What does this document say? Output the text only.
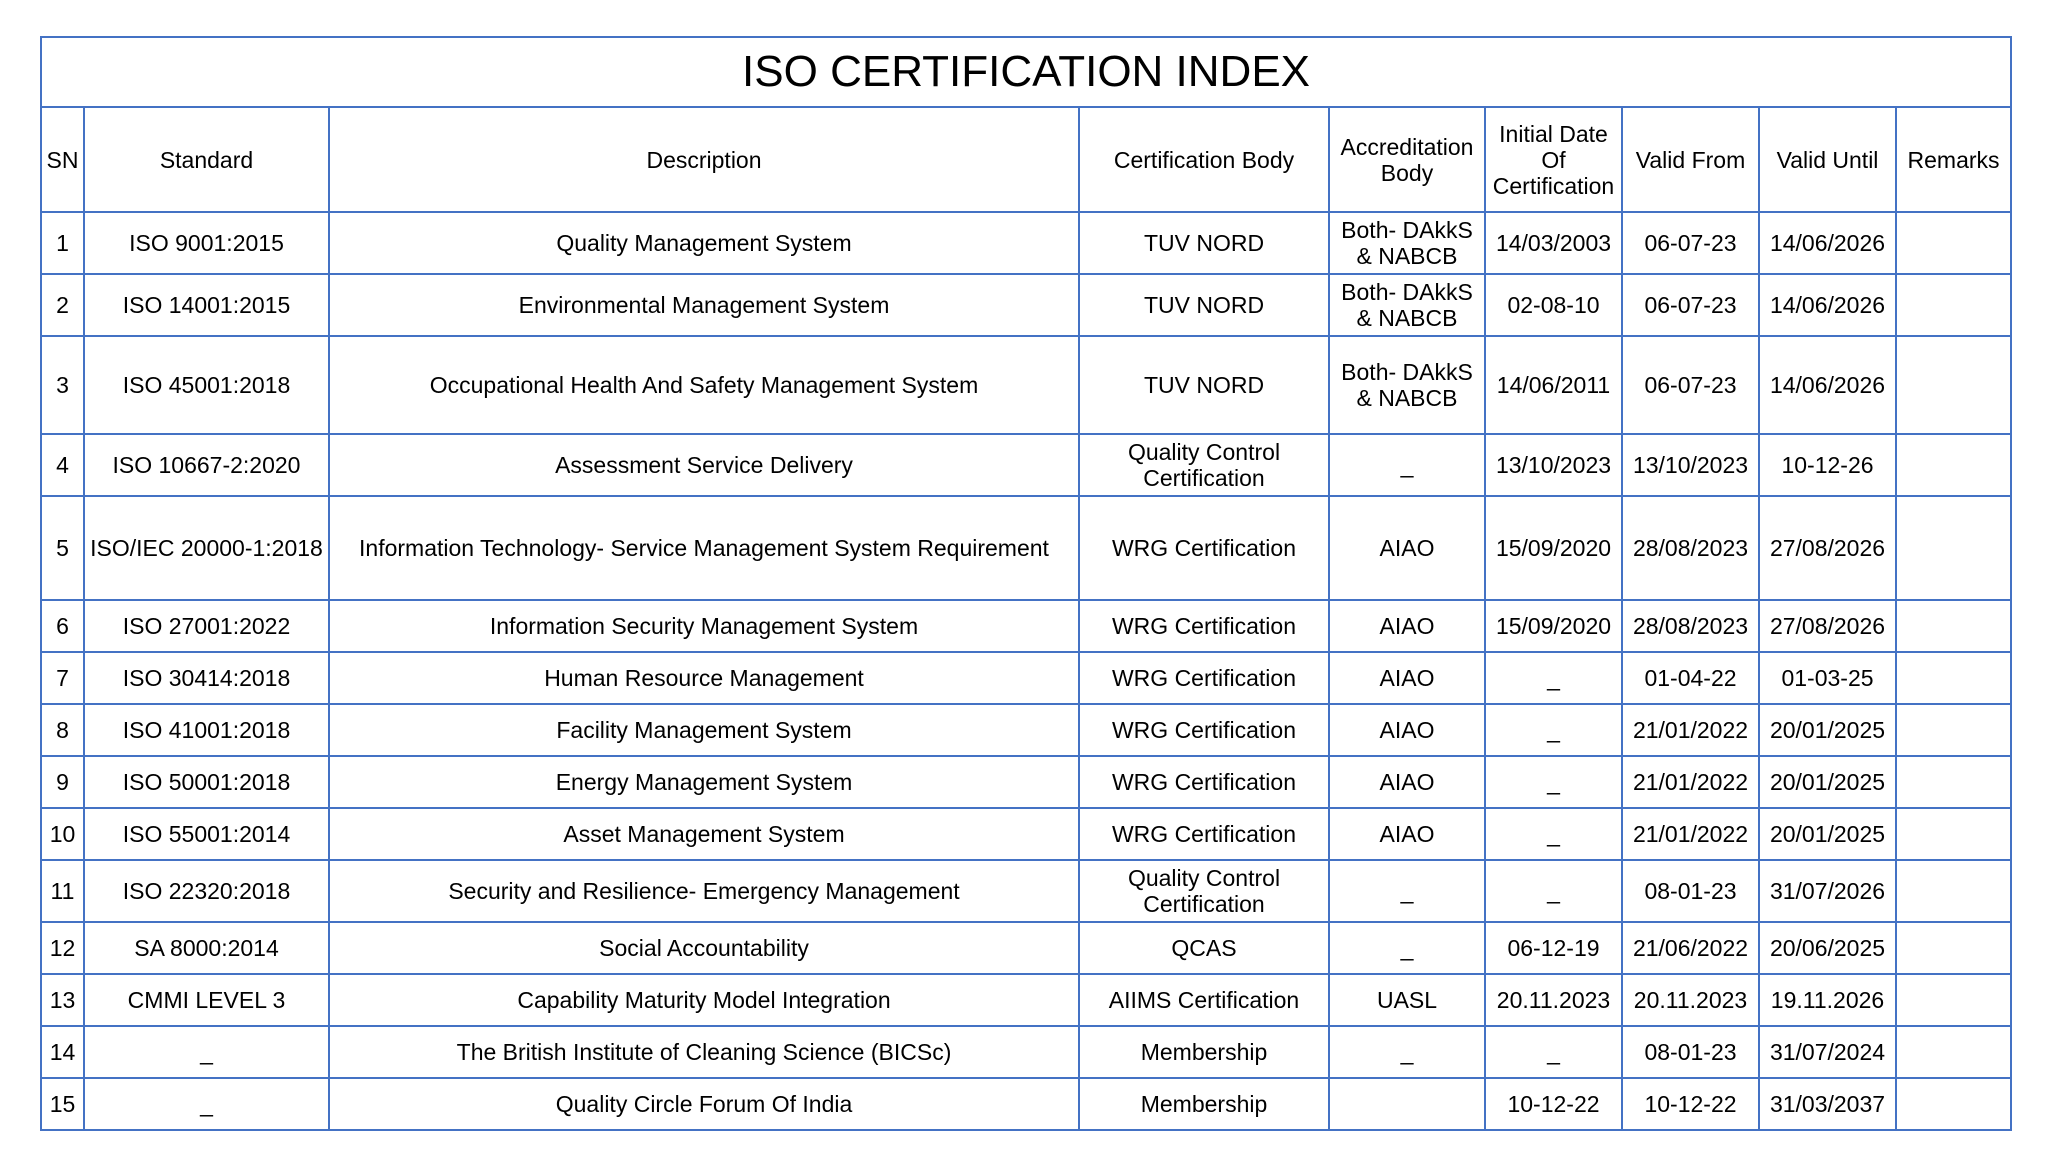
ISO CERTIFICATION INDEX								
SN	Standard	Description	Certification Body	Accreditation Body	Initial Date Of Certification	Valid From	Valid Until	Remarks
1	ISO 9001:2015	Quality Management System	TUV NORD	Both- DAkkS & NABCB	14/03/2003	06-07-23	14/06/2026	
2	ISO 14001:2015	Environmental Management System	TUV NORD	Both- DAkkS & NABCB	02-08-10	06-07-23	14/06/2026	
3	ISO 45001:2018	Occupational Health And Safety Management System	TUV NORD	Both- DAkkS & NABCB	14/06/2011	06-07-23	14/06/2026	
4	ISO 10667-2:2020	Assessment Service Delivery	Quality Control Certification	_	13/10/2023	13/10/2023	10-12-26	
5	ISO/IEC 20000-1:2018	Information Technology- Service Management System Requirement	WRG Certification	AIAO	15/09/2020	28/08/2023	27/08/2026	
6	ISO 27001:2022	Information Security Management System	WRG Certification	AIAO	15/09/2020	28/08/2023	27/08/2026	
7	ISO 30414:2018	Human Resource Management	WRG Certification	AIAO	_	01-04-22	01-03-25	
8	ISO 41001:2018	Facility Management System	WRG Certification	AIAO	_	21/01/2022	20/01/2025	
9	ISO 50001:2018	Energy Management System	WRG Certification	AIAO	_	21/01/2022	20/01/2025	
10	ISO 55001:2014	Asset Management System	WRG Certification	AIAO	_	21/01/2022	20/01/2025	
11	ISO 22320:2018	Security and Resilience- Emergency Management	Quality Control Certification	_	_	08-01-23	31/07/2026	
12	SA 8000:2014	Social Accountability	QCAS	_	06-12-19	21/06/2022	20/06/2025	
13	CMMI LEVEL 3	Capability Maturity Model Integration	AIIMS Certification	UASL	20.11.2023	20.11.2023	19.11.2026	
14	_	The British Institute of Cleaning Science (BICSc)	Membership	_	_	08-01-23	31/07/2024	
15	_	Quality Circle Forum Of India	Membership		10-12-22	10-12-22	31/03/2037	
